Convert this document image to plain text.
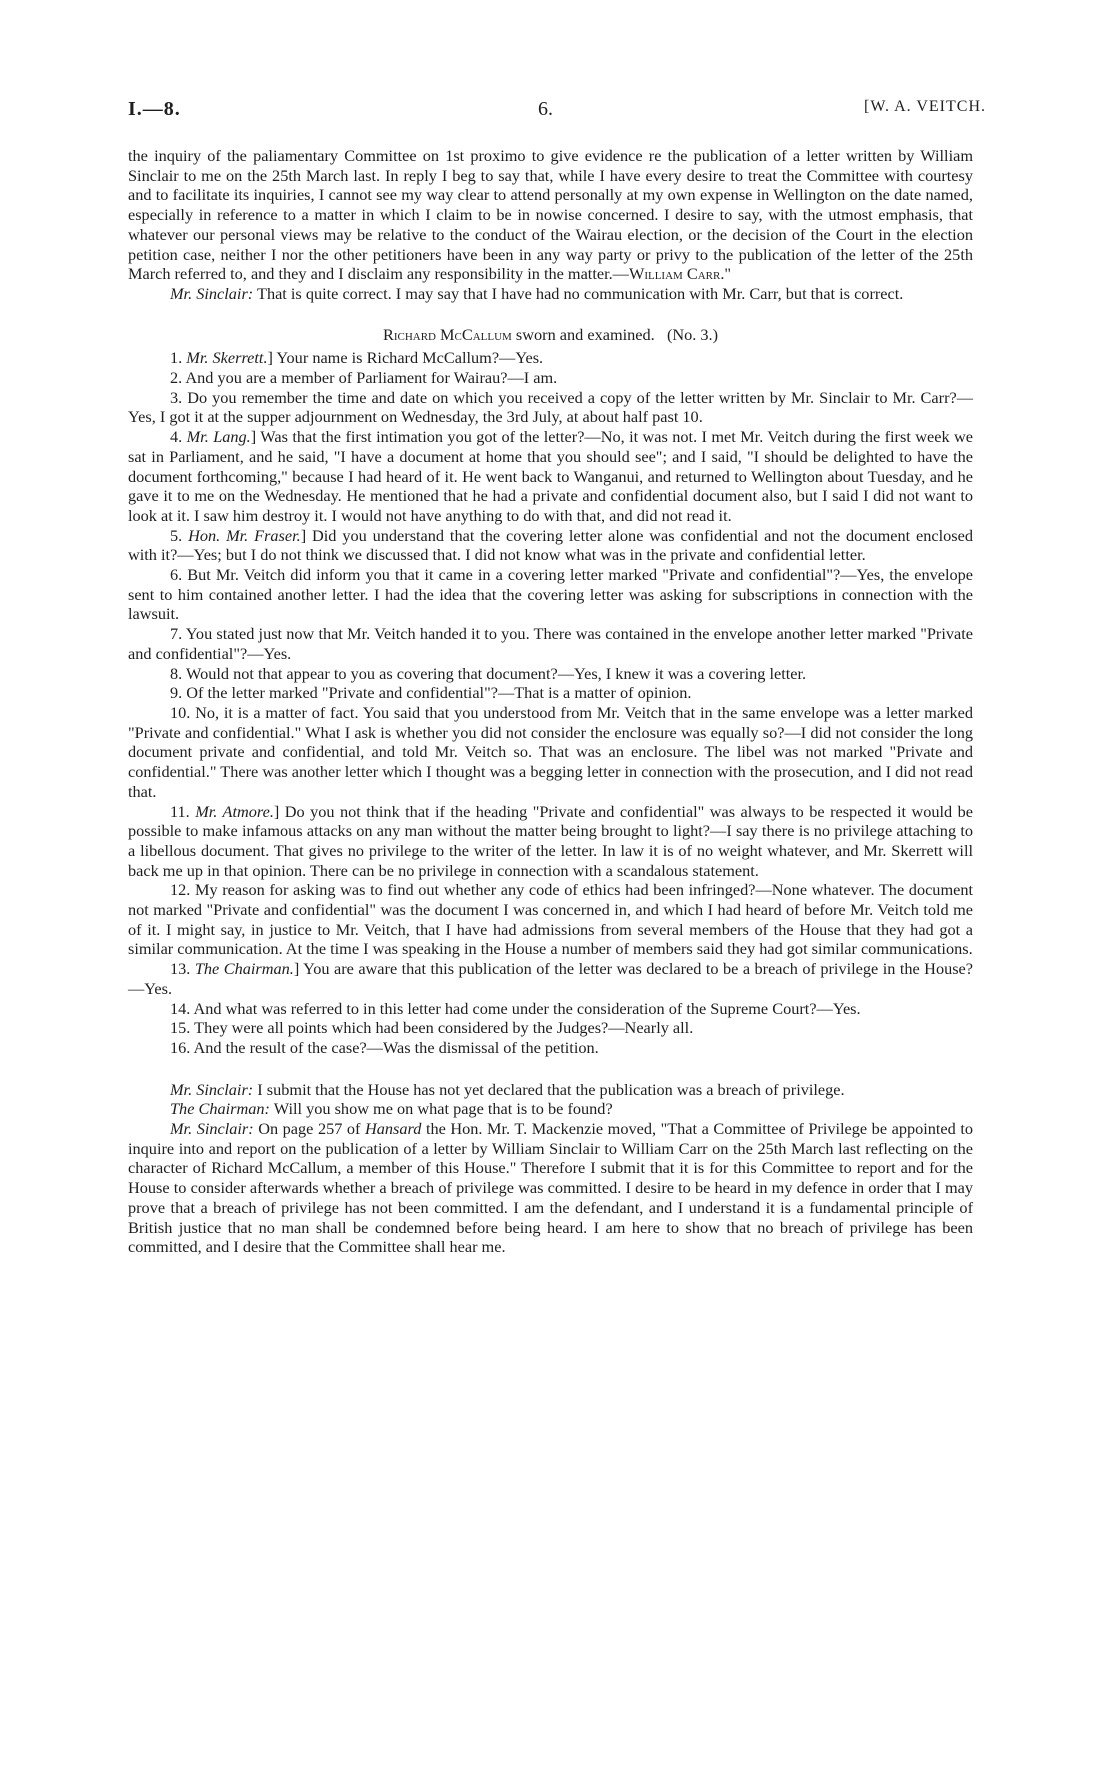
I.—8.	6.	[W. A. VEITCH.

the inquiry of the paliamentary Committee on 1st proximo to give evidence re the publication of a letter written by William Sinclair to me on the 25th March last. In reply I beg to say that, while I have every desire to treat the Committee with courtesy and to facilitate its inquiries, I cannot see my way clear to attend personally at my own expense in Wellington on the date named, especially in reference to a matter in which I claim to be in nowise concerned. I desire to say, with the utmost emphasis, that whatever our personal views may be relative to the conduct of the Wairau election, or the decision of the Court in the election petition case, neither I nor the other petitioners have been in any way party or privy to the publication of the letter of the 25th March referred to, and they and I disclaim any responsibility in the matter.—William Carr."

Mr. Sinclair: That is quite correct. I may say that I have had no communication with Mr. Carr, but that is correct.

Richard McCallum sworn and examined. (No. 3.)

1. Mr. Skerrett.] Your name is Richard McCallum?—Yes.

2. And you are a member of Parliament for Wairau?—I am.

3. Do you remember the time and date on which you received a copy of the letter written by Mr. Sinclair to Mr. Carr?—Yes, I got it at the supper adjournment on Wednesday, the 3rd July, at about half past 10.

4. Mr. Lang.] Was that the first intimation you got of the letter?—No, it was not. I met Mr. Veitch during the first week we sat in Parliament, and he said, "I have a document at home that you should see"; and I said, "I should be delighted to have the document forthcoming," because I had heard of it. He went back to Wanganui, and returned to Wellington about Tuesday, and he gave it to me on the Wednesday. He mentioned that he had a private and confidential document also, but I said I did not want to look at it. I saw him destroy it. I would not have anything to do with that, and did not read it.

5. Hon. Mr. Fraser.] Did you understand that the covering letter alone was confidential and not the document enclosed with it?—Yes; but I do not think we discussed that. I did not know what was in the private and confidential letter.

6. But Mr. Veitch did inform you that it came in a covering letter marked "Private and confidential"?—Yes, the envelope sent to him contained another letter. I had the idea that the covering letter was asking for subscriptions in connection with the lawsuit.

7. You stated just now that Mr. Veitch handed it to you. There was contained in the envelope another letter marked "Private and confidential"?—Yes.

8. Would not that appear to you as covering that document?—Yes, I knew it was a covering letter.

9. Of the letter marked "Private and confidential"?—That is a matter of opinion.

10. No, it is a matter of fact. You said that you understood from Mr. Veitch that in the same envelope was a letter marked "Private and confidential." What I ask is whether you did not consider the enclosure was equally so?—I did not consider the long document private and confidential, and told Mr. Veitch so. That was an enclosure. The libel was not marked "Private and confidential." There was another letter which I thought was a begging letter in connection with the prosecution, and I did not read that.

11. Mr. Atmore.] Do you not think that if the heading "Private and confidential" was always to be respected it would be possible to make infamous attacks on any man without the matter being brought to light?—I say there is no privilege attaching to a libellous document. That gives no privilege to the writer of the letter. In law it is of no weight whatever, and Mr. Skerrett will back me up in that opinion. There can be no privilege in connection with a scandalous statement.

12. My reason for asking was to find out whether any code of ethics had been infringed?—None whatever. The document not marked "Private and confidential" was the document I was concerned in, and which I had heard of before Mr. Veitch told me of it. I might say, in justice to Mr. Veitch, that I have had admissions from several members of the House that they had got a similar communication. At the time I was speaking in the House a number of members said they had got similar communications.

13. The Chairman.] You are aware that this publication of the letter was declared to be a breach of privilege in the House?—Yes.

14. And what was referred to in this letter had come under the consideration of the Supreme Court?—Yes.

15. They were all points which had been considered by the Judges?—Nearly all.

16. And the result of the case?—Was the dismissal of the petition.

Mr. Sinclair: I submit that the House has not yet declared that the publication was a breach of privilege.

The Chairman: Will you show me on what page that is to be found?

Mr. Sinclair: On page 257 of Hansard the Hon. Mr. T. Mackenzie moved, "That a Committee of Privilege be appointed to inquire into and report on the publication of a letter by William Sinclair to William Carr on the 25th March last reflecting on the character of Richard McCallum, a member of this House." Therefore I submit that it is for this Committee to report and for the House to consider afterwards whether a breach of privilege was committed. I desire to be heard in my defence in order that I may prove that a breach of privilege has not been committed. I am the defendant, and I understand it is a fundamental principle of British justice that no man shall be condemned before being heard. I am here to show that no breach of privilege has been committed, and I desire that the Committee shall hear me.
